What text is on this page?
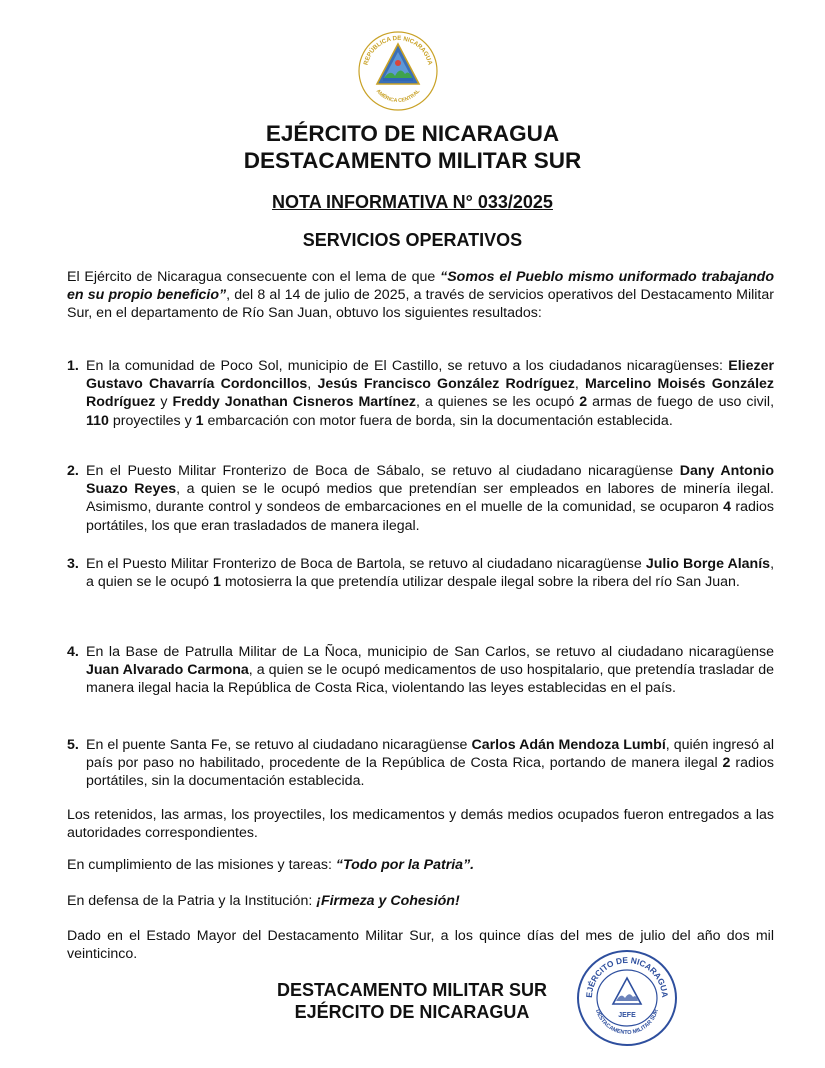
REPÚBLICA DE NICARAGUA
AMÉRICA CENTRAL
EJÉRCITO DE NICARAGUA
DESTACAMENTO MILITAR SUR
NOTA INFORMATIVA N° 033/2025
SERVICIOS OPERATIVOS
El Ejército de Nicaragua consecuente con el lema de que “Somos el Pueblo mismo uniformado trabajando en su propio beneficio”, del 8 al 14 de julio de 2025, a través de servicios operativos del Destacamento Militar Sur, en el departamento de Río San Juan, obtuvo los siguientes resultados:
1. En la comunidad de Poco Sol, municipio de El Castillo, se retuvo a los ciudadanos nicaragüenses: Eliezer Gustavo Chavarría Cordoncillos, Jesús Francisco González Rodríguez, Marcelino Moisés González Rodríguez y Freddy Jonathan Cisneros Martínez, a quienes se les ocupó 2 armas de fuego de uso civil, 110 proyectiles y 1 embarcación con motor fuera de borda, sin la documentación establecida.
2. En el Puesto Militar Fronterizo de Boca de Sábalo, se retuvo al ciudadano nicaragüense Dany Antonio Suazo Reyes, a quien se le ocupó medios que pretendían ser empleados en labores de minería ilegal. Asimismo, durante control y sondeos de embarcaciones en el muelle de la comunidad, se ocuparon 4 radios portátiles, los que eran trasladados de manera ilegal.
3. En el Puesto Militar Fronterizo de Boca de Bartola, se retuvo al ciudadano nicaragüense Julio Borge Alanís, a quien se le ocupó 1 motosierra la que pretendía utilizar despale ilegal sobre la ribera del río San Juan.
4. En la Base de Patrulla Militar de La Ñoca, municipio de San Carlos, se retuvo al ciudadano nicaragüense Juan Alvarado Carmona, a quien se le ocupó medicamentos de uso hospitalario, que pretendía trasladar de manera ilegal hacia la República de Costa Rica, violentando las leyes establecidas en el país.
5. En el puente Santa Fe, se retuvo al ciudadano nicaragüense Carlos Adán Mendoza Lumbí, quién ingresó al país por paso no habilitado, procedente de la República de Costa Rica, portando de manera ilegal 2 radios portátiles, sin la documentación establecida.
Los retenidos, las armas, los proyectiles, los medicamentos y demás medios ocupados fueron entregados a las autoridades correspondientes.
En cumplimiento de las misiones y tareas: “Todo por la Patria”.
En defensa de la Patria y la Institución: ¡Firmeza y Cohesión!
Dado en el Estado Mayor del Destacamento Militar Sur, a los quince días del mes de julio del año dos mil veinticinco.
DESTACAMENTO MILITAR SUR
EJÉRCITO DE NICARAGUA
EJÉRCITO DE NICARAGUA
DESTACAMENTO MILITAR SUR
JEFE
